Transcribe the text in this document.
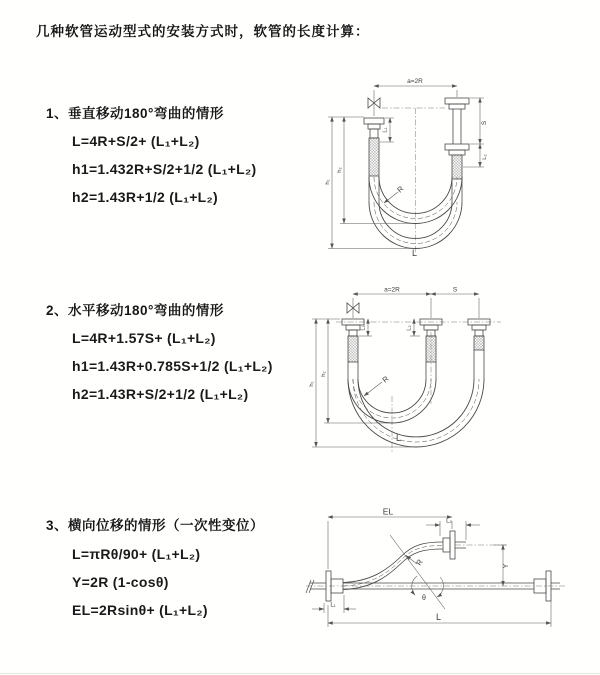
几种软管运动型式的安装方式时，软管的长度计算：
1、垂直移动180°弯曲的情形
L=4R+S/2+ (L₁+L₂)
h1=1.432R+S/2+1/2 (L₁+L₂)
h2=1.43R+1/2 (L₁+L₂)
2、水平移动180°弯曲的情形
L=4R+1.57S+ (L₁+L₂)
h1=1.43R+0.785S+1/2 (L₁+L₂)
h2=1.43R+S/2+1/2 (L₁+L₂)
3、横向位移的情形（一次性变位）
L=πRθ/90+ (L₁+L₂)
Y=2R (1-cosθ)
EL=2Rsinθ+ (L₁+L₂)
a=2R
S
L₂
L₁
h₂
h₁
R
L
a=2R	S
h₁
h₂
L₁	L₂
R
L
EL
L₂
Y
R
θ
L
L₁
